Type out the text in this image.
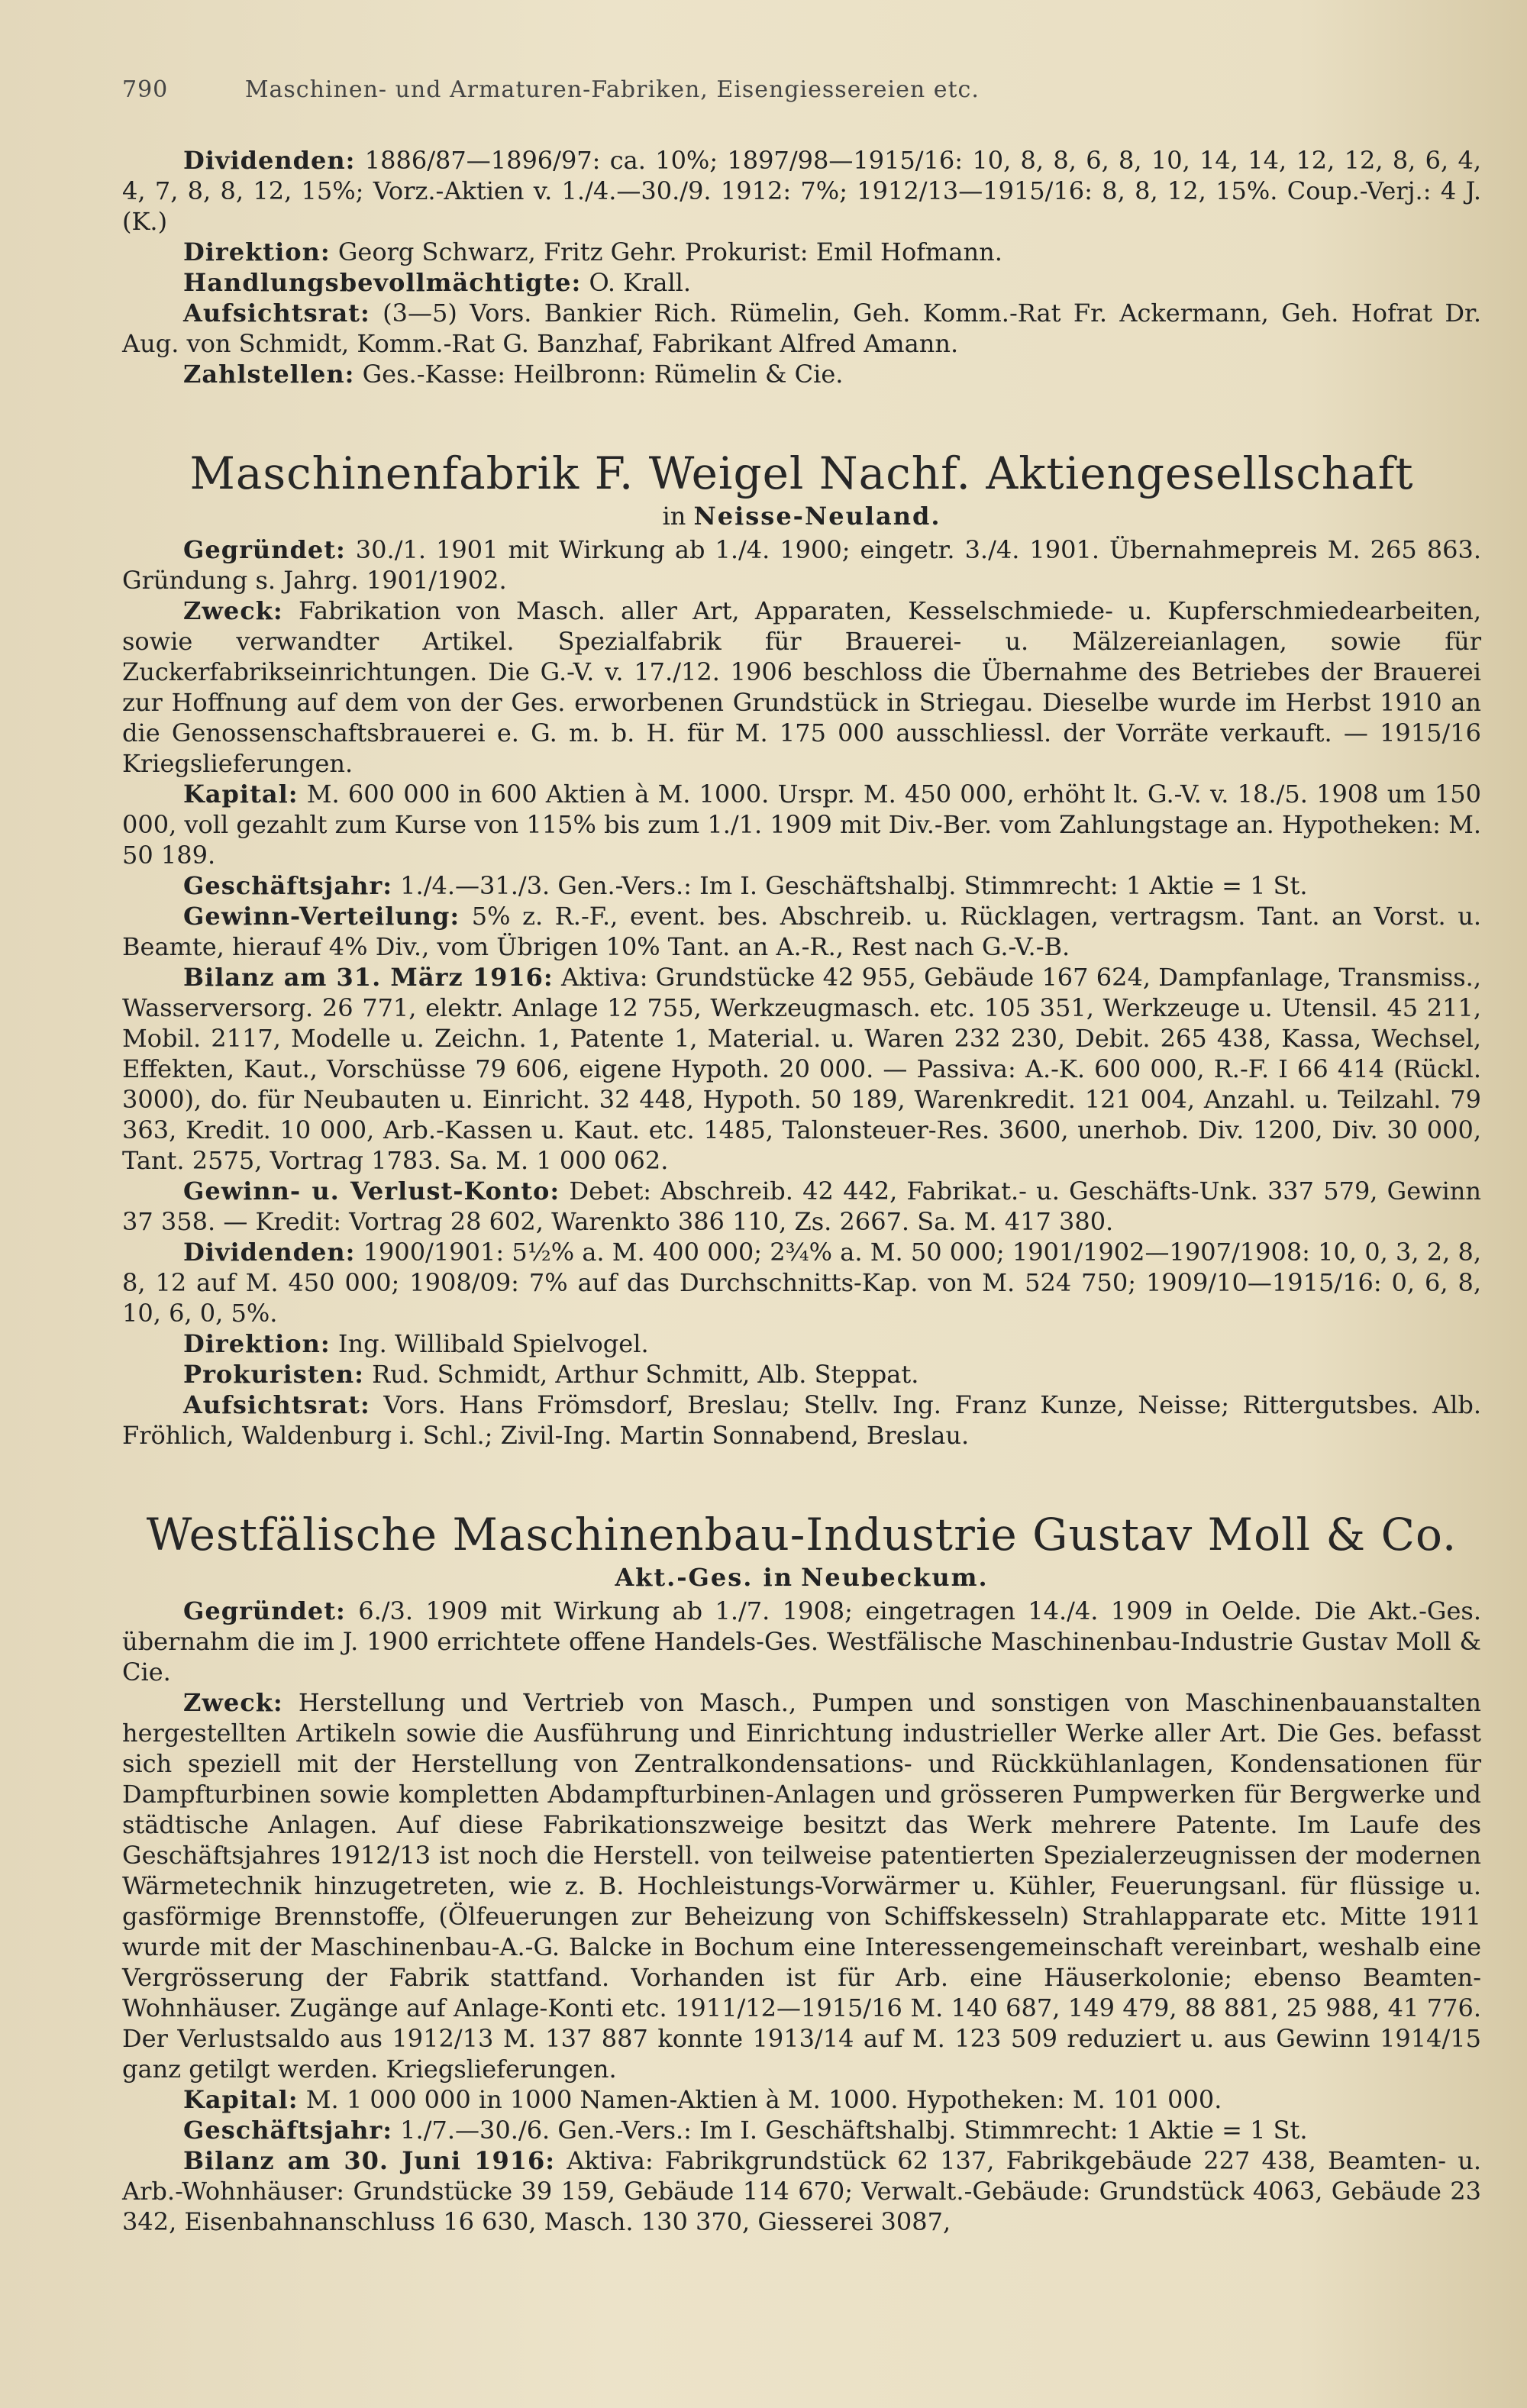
790	Maschinen- und Armaturen-Fabriken, Eisengiessereien etc.

Dividenden: 1886/87—1896/97: ca. 10%; 1897/98—1915/16: 10, 8, 8, 6, 8, 10, 14, 14, 12, 12, 8, 6, 4, 4, 7, 8, 8, 12, 15%; Vorz.-Aktien v. 1./4.—30./9. 1912: 7%; 1912/13—1915/16: 8, 8, 12, 15%. Coup.-Verj.: 4 J. (K.)

Direktion: Georg Schwarz, Fritz Gehr. Prokurist: Emil Hofmann.

Handlungsbevollmächtigte: O. Krall.

Aufsichtsrat: (3—5) Vors. Bankier Rich. Rümelin, Geh. Komm.-Rat Fr. Ackermann, Geh. Hofrat Dr. Aug. von Schmidt, Komm.-Rat G. Banzhaf, Fabrikant Alfred Amann.

Zahlstellen: Ges.-Kasse: Heilbronn: Rümelin & Cie.

Maschinenfabrik F. Weigel Nachf. Aktiengesellschaft
in Neisse-Neuland.

Gegründet: 30./1. 1901 mit Wirkung ab 1./4. 1900; eingetr. 3./4. 1901. Übernahmepreis M. 265 863. Gründung s. Jahrg. 1901/1902.

Zweck: Fabrikation von Masch. aller Art, Apparaten, Kesselschmiede- u. Kupferschmiedearbeiten, sowie verwandter Artikel. Spezialfabrik für Brauerei- u. Mälzereianlagen, sowie für Zuckerfabrikseinrichtungen. Die G.-V. v. 17./12. 1906 beschloss die Übernahme des Betriebes der Brauerei zur Hoffnung auf dem von der Ges. erworbenen Grundstück in Striegau. Dieselbe wurde im Herbst 1910 an die Genossenschaftsbrauerei e. G. m. b. H. für M. 175 000 ausschliessl. der Vorräte verkauft. — 1915/16 Kriegslieferungen.

Kapital: M. 600 000 in 600 Aktien à M. 1000. Urspr. M. 450 000, erhöht lt. G.-V. v. 18./5. 1908 um 150 000, voll gezahlt zum Kurse von 115% bis zum 1./1. 1909 mit Div.-Ber. vom Zahlungstage an. Hypotheken: M. 50 189.

Geschäftsjahr: 1./4.—31./3. Gen.-Vers.: Im I. Geschäftshalbj. Stimmrecht: 1 Aktie = 1 St.

Gewinn-Verteilung: 5% z. R.-F., event. bes. Abschreib. u. Rücklagen, vertragsm. Tant. an Vorst. u. Beamte, hierauf 4% Div., vom Übrigen 10% Tant. an A.-R., Rest nach G.-V.-B.

Bilanz am 31. März 1916: Aktiva: Grundstücke 42 955, Gebäude 167 624, Dampfanlage, Transmiss., Wasserversorg. 26 771, elektr. Anlage 12 755, Werkzeugmasch. etc. 105 351, Werkzeuge u. Utensil. 45 211, Mobil. 2117, Modelle u. Zeichn. 1, Patente 1, Material. u. Waren 232 230, Debit. 265 438, Kassa, Wechsel, Effekten, Kaut., Vorschüsse 79 606, eigene Hypoth. 20 000. — Passiva: A.-K. 600 000, R.-F. I 66 414 (Rückl. 3000), do. für Neubauten u. Einricht. 32 448, Hypoth. 50 189, Warenkredit. 121 004, Anzahl. u. Teilzahl. 79 363, Kredit. 10 000, Arb.-Kassen u. Kaut. etc. 1485, Talonsteuer-Res. 3600, unerhob. Div. 1200, Div. 30 000, Tant. 2575, Vortrag 1783. Sa. M. 1 000 062.

Gewinn- u. Verlust-Konto: Debet: Abschreib. 42 442, Fabrikat.- u. Geschäfts-Unk. 337 579, Gewinn 37 358. — Kredit: Vortrag 28 602, Warenkto 386 110, Zs. 2667. Sa. M. 417 380.

Dividenden: 1900/1901: 5½% a. M. 400 000; 2¾% a. M. 50 000; 1901/1902—1907/1908: 10, 0, 3, 2, 8, 8, 12 auf M. 450 000; 1908/09: 7% auf das Durchschnitts-Kap. von M. 524 750; 1909/10—1915/16: 0, 6, 8, 10, 6, 0, 5%.

Direktion: Ing. Willibald Spielvogel.

Prokuristen: Rud. Schmidt, Arthur Schmitt, Alb. Steppat.

Aufsichtsrat: Vors. Hans Frömsdorf, Breslau; Stellv. Ing. Franz Kunze, Neisse; Rittergutsbes. Alb. Fröhlich, Waldenburg i. Schl.; Zivil-Ing. Martin Sonnabend, Breslau.

Westfälische Maschinenbau-Industrie Gustav Moll & Co.
Akt.-Ges. in Neubeckum.

Gegründet: 6./3. 1909 mit Wirkung ab 1./7. 1908; eingetragen 14./4. 1909 in Oelde. Die Akt.-Ges. übernahm die im J. 1900 errichtete offene Handels-Ges. Westfälische Maschinenbau-Industrie Gustav Moll & Cie.

Zweck: Herstellung und Vertrieb von Masch., Pumpen und sonstigen von Maschinenbauanstalten hergestellten Artikeln sowie die Ausführung und Einrichtung industrieller Werke aller Art. Die Ges. befasst sich speziell mit der Herstellung von Zentralkondensations- und Rückkühlanlagen, Kondensationen für Dampfturbinen sowie kompletten Abdampfturbinen-Anlagen und grösseren Pumpwerken für Bergwerke und städtische Anlagen. Auf diese Fabrikationszweige besitzt das Werk mehrere Patente. Im Laufe des Geschäftsjahres 1912/13 ist noch die Herstell. von teilweise patentierten Spezialerzeugnissen der modernen Wärmetechnik hinzugetreten, wie z. B. Hochleistungs-Vorwärmer u. Kühler, Feuerungsanl. für flüssige u. gasförmige Brennstoffe, (Ölfeuerungen zur Beheizung von Schiffskesseln) Strahlapparate etc. Mitte 1911 wurde mit der Maschinenbau-A.-G. Balcke in Bochum eine Interessengemeinschaft vereinbart, weshalb eine Vergrösserung der Fabrik stattfand. Vorhanden ist für Arb. eine Häuserkolonie; ebenso Beamten-Wohnhäuser. Zugänge auf Anlage-Konti etc. 1911/12—1915/16 M. 140 687, 149 479, 88 881, 25 988, 41 776. Der Verlustsaldo aus 1912/13 M. 137 887 konnte 1913/14 auf M. 123 509 reduziert u. aus Gewinn 1914/15 ganz getilgt werden. Kriegslieferungen.

Kapital: M. 1 000 000 in 1000 Namen-Aktien à M. 1000. Hypotheken: M. 101 000.

Geschäftsjahr: 1./7.—30./6. Gen.-Vers.: Im I. Geschäftshalbj. Stimmrecht: 1 Aktie = 1 St.

Bilanz am 30. Juni 1916: Aktiva: Fabrikgrundstück 62 137, Fabrikgebäude 227 438, Beamten- u. Arb.-Wohnhäuser: Grundstücke 39 159, Gebäude 114 670; Verwalt.-Gebäude: Grundstück 4063, Gebäude 23 342, Eisenbahnanschluss 16 630, Masch. 130 370, Giesserei 3087,
